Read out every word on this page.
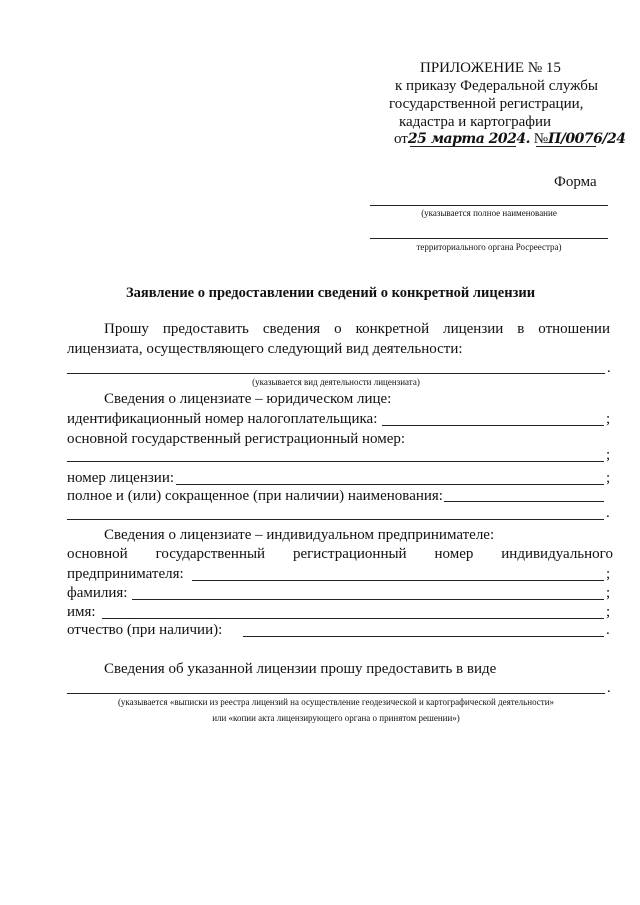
ПРИЛОЖЕНИЕ № 15
к приказу Федеральной службы
государственной регистрации,
кадастра и картографии
от25 марта 2024. №П/0076/24
Форма
(указывается полное наименование
территориального органа Росреестра)
Заявление о предоставлении сведений о конкретной лицензии
Прошу предоставить сведения о конкретной лицензии в отношении
лицензиата, осуществляющего следующий вид деятельности:
.
(указывается вид деятельности лицензиата)
Сведения о лицензиате – юридическом лице:
идентификационный номер налогоплательщика:	;
основной государственный регистрационный номер:
;
номер лицензии:	;
полное и (или) сокращенное (при наличии) наименования:
.
Сведения о лицензиате – индивидуальном предпринимателе:
основной государственный регистрационный номер индивидуального
предпринимателя:	;
фамилия:	;
имя:	;
отчество (при наличии):	.
Сведения об указанной лицензии прошу предоставить в виде
.
(указывается «выписки из реестра лицензий на осуществление геодезической и картографической деятельности»
или «копии акта лицензирующего органа о принятом решении»)
